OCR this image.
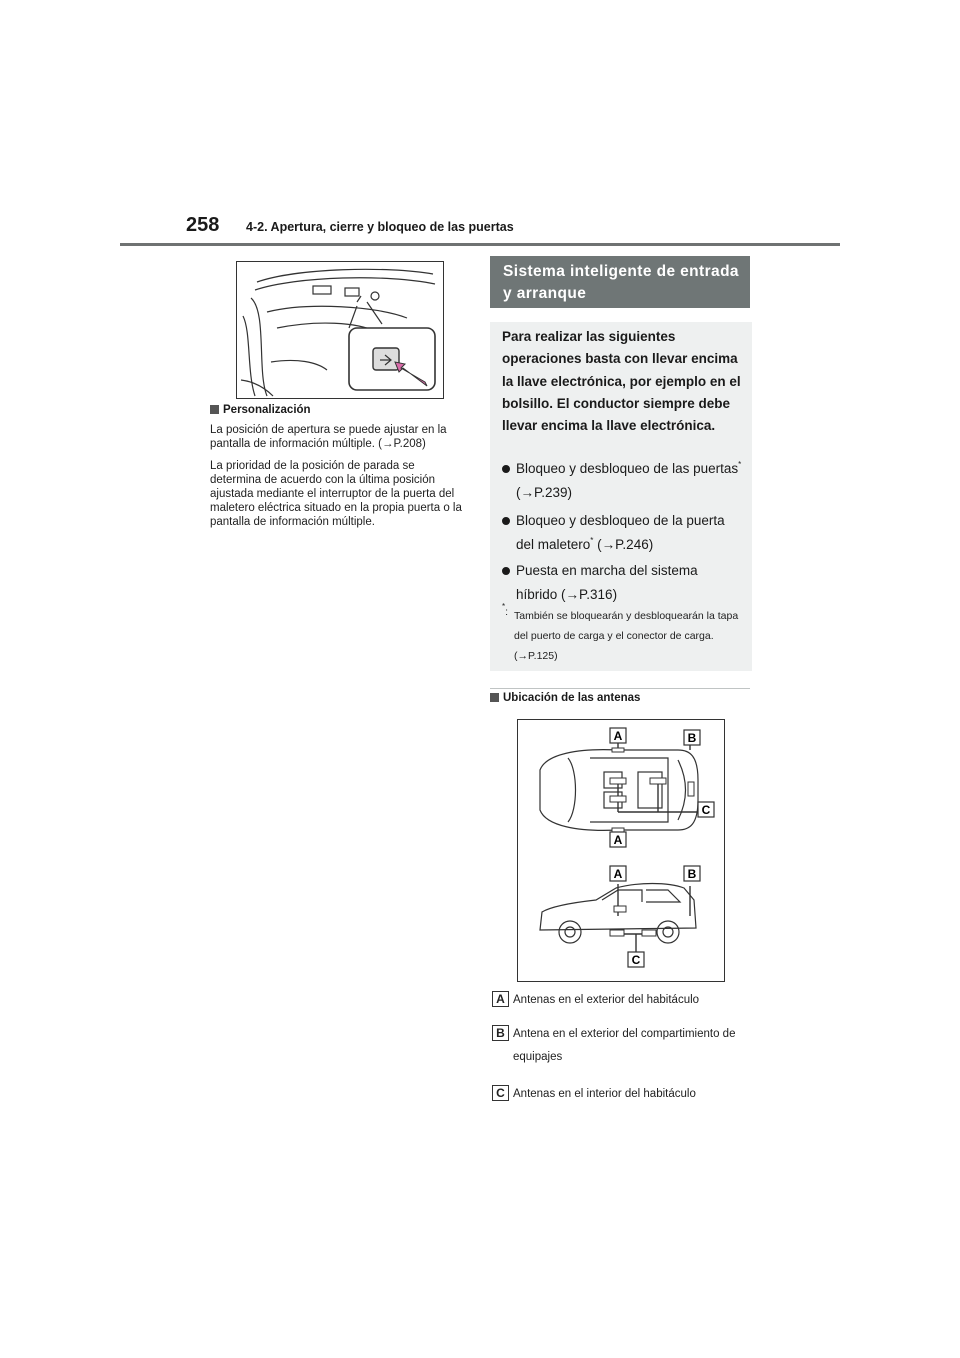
258 4-2. Apertura, cierre y bloqueo de las puertas
Personalización
La posición de apertura se puede ajustar en la pantalla de información múltiple. (→P.208)
La prioridad de la posición de parada se determina de acuerdo con la última posición ajustada mediante el interruptor de la puerta del maletero eléctrica situado en la propia puerta o la pantalla de información múltiple.
Sistema inteligente de entrada y arranque
Para realizar las siguientes operaciones basta con llevar encima la llave electrónica, por ejemplo en el bolsillo. El conductor siempre debe llevar encima la llave electrónica.
Bloqueo y desbloqueo de las puertas* (→P.239)
Bloqueo y desbloqueo de la puerta del maletero* (→P.246)
Puesta en marcha del sistema híbrido (→P.316)
*: También se bloquearán y desbloquearán la tapa del puerto de carga y el conector de carga. (→P.125)
Ubicación de las antenas
A	B
C
A
A	B
C
A Antenas en el exterior del habitáculo
B Antena en el exterior del compartimiento de equipajes
C Antenas en el interior del habitáculo
